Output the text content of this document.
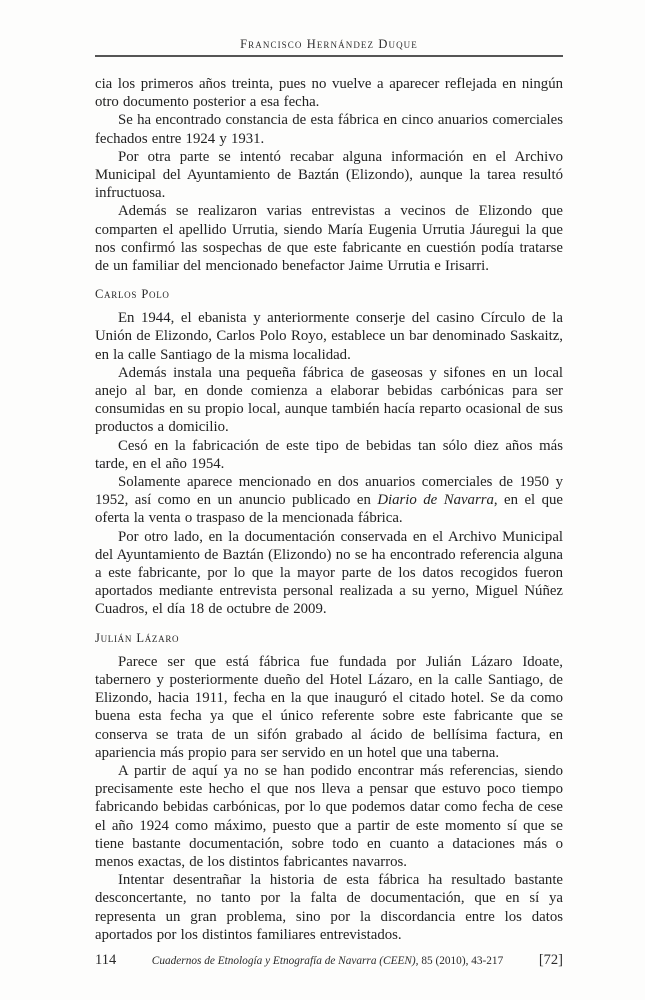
Francisco Hernández Duque

cia los primeros años treinta, pues no vuelve a aparecer reflejada en ningún otro documento posterior a esa fecha.

Se ha encontrado constancia de esta fábrica en cinco anuarios comerciales fechados entre 1924 y 1931.

Por otra parte se intentó recabar alguna información en el Archivo Municipal del Ayuntamiento de Baztán (Elizondo), aunque la tarea resultó infructuosa.

Además se realizaron varias entrevistas a vecinos de Elizondo que comparten el apellido Urrutia, siendo María Eugenia Urrutia Jáuregui la que nos confirmó las sospechas de que este fabricante en cuestión podía tratarse de un familiar del mencionado benefactor Jaime Urrutia e Irisarri.

Carlos Polo

En 1944, el ebanista y anteriormente conserje del casino Círculo de la Unión de Elizondo, Carlos Polo Royo, establece un bar denominado Saskaitz, en la calle Santiago de la misma localidad.

Además instala una pequeña fábrica de gaseosas y sifones en un local anejo al bar, en donde comienza a elaborar bebidas carbónicas para ser consumidas en su propio local, aunque también hacía reparto ocasional de sus productos a domicilio.

Cesó en la fabricación de este tipo de bebidas tan sólo diez años más tarde, en el año 1954.

Solamente aparece mencionado en dos anuarios comerciales de 1950 y 1952, así como en un anuncio publicado en Diario de Navarra, en el que oferta la venta o traspaso de la mencionada fábrica.

Por otro lado, en la documentación conservada en el Archivo Municipal del Ayuntamiento de Baztán (Elizondo) no se ha encontrado referencia alguna a este fabricante, por lo que la mayor parte de los datos recogidos fueron aportados mediante entrevista personal realizada a su yerno, Miguel Núñez Cuadros, el día 18 de octubre de 2009.

Julián Lázaro

Parece ser que está fábrica fue fundada por Julián Lázaro Idoate, tabernero y posteriormente dueño del Hotel Lázaro, en la calle Santiago, de Elizondo, hacia 1911, fecha en la que inauguró el citado hotel. Se da como buena esta fecha ya que el único referente sobre este fabricante que se conserva se trata de un sifón grabado al ácido de bellísima factura, en apariencia más propio para ser servido en un hotel que una taberna.

A partir de aquí ya no se han podido encontrar más referencias, siendo precisamente este hecho el que nos lleva a pensar que estuvo poco tiempo fabricando bebidas carbónicas, por lo que podemos datar como fecha de cese el año 1924 como máximo, puesto que a partir de este momento sí que se tiene bastante documentación, sobre todo en cuanto a dataciones más o menos exactas, de los distintos fabricantes navarros.

Intentar desentrañar la historia de esta fábrica ha resultado bastante desconcertante, no tanto por la falta de documentación, que en sí ya representa un gran problema, sino por la discordancia entre los datos aportados por los distintos familiares entrevistados.

114	Cuadernos de Etnología y Etnografía de Navarra (CEEN), 85 (2010), 43-217 [72]
